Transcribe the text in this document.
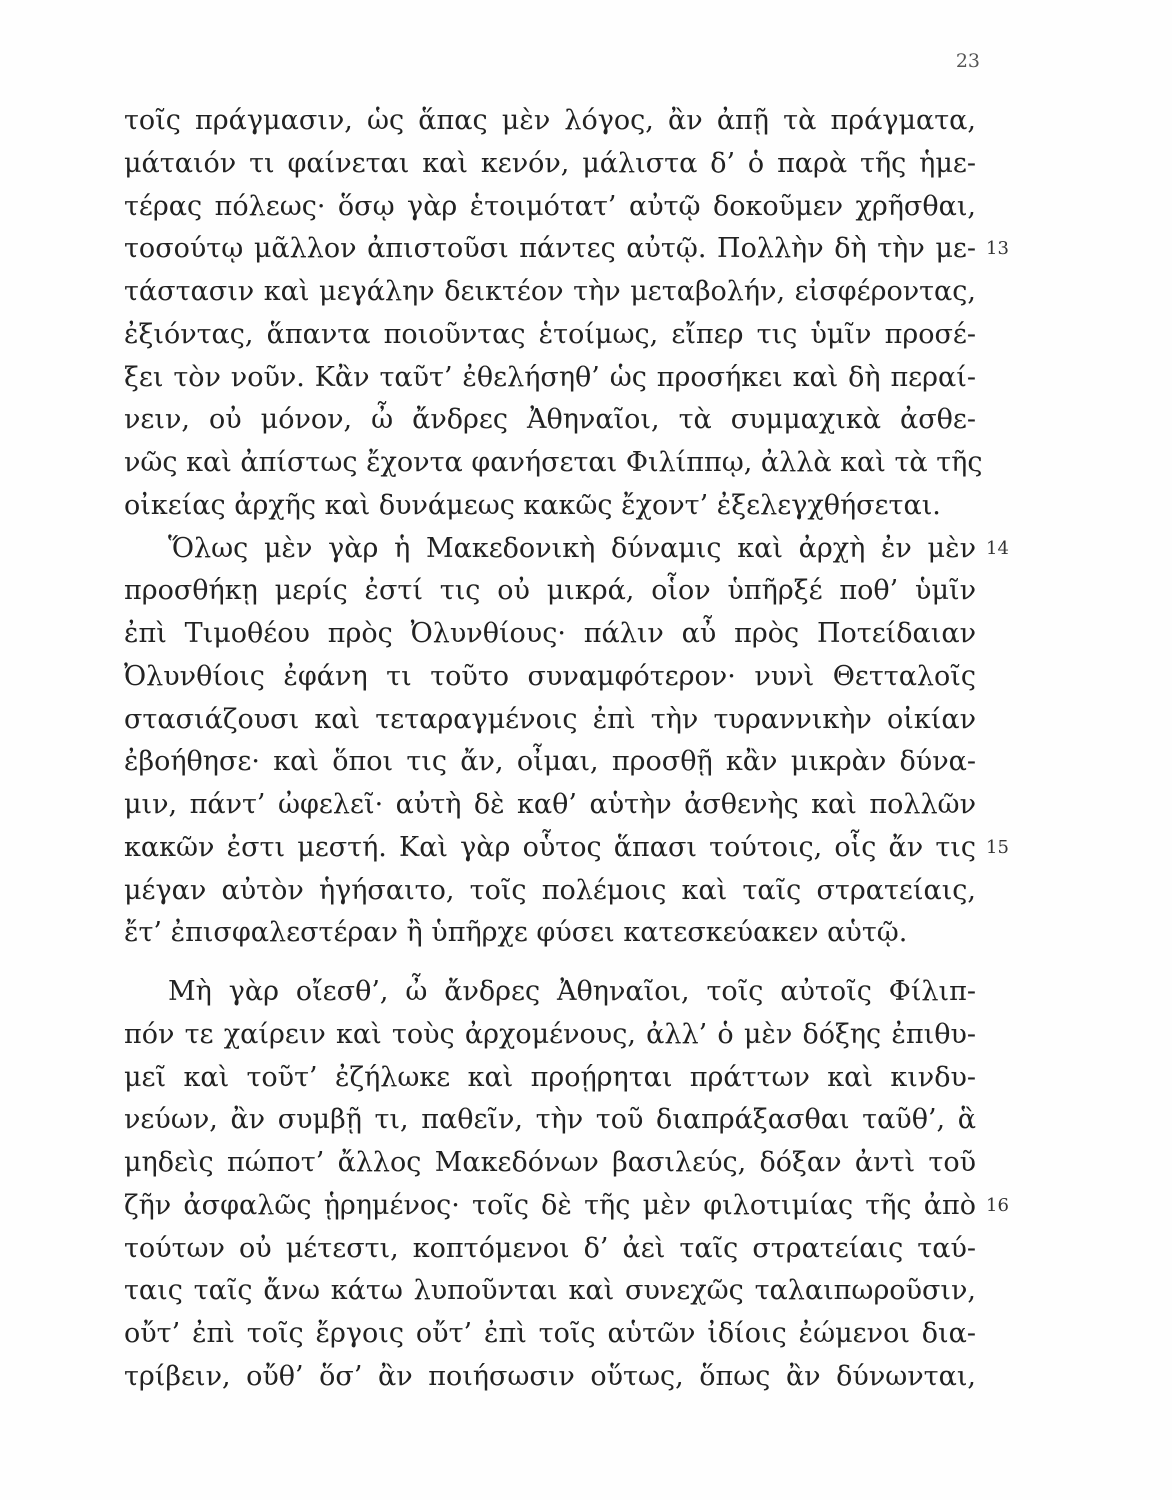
23
τοῖς πράγμασιν, ὡς ἅπας μὲν λόγος, ἂν ἀπῇ τὰ πράγματα,
μάταιόν τι φαίνεται καὶ κενόν, μάλιστα δ’ ὁ παρὰ τῆς ἡμε-
τέρας πόλεως· ὅσῳ γὰρ ἑτοιμότατ’ αὐτῷ δοκοῦμεν χρῆσθαι,
τοσούτῳ μᾶλλον ἀπιστοῦσι πάντες αὐτῷ. Πολλὴν δὴ τὴν με- 13
τάστασιν καὶ μεγάλην δεικτέον τὴν μεταβολήν, εἰσφέροντας,
ἐξιόντας, ἅπαντα ποιοῦντας ἑτοίμως, εἴπερ τις ὑμῖν προσέ-
ξει τὸν νοῦν. Κἂν ταῦτ’ ἐθελήσηθ’ ὡς προσήκει καὶ δὴ περαί-
νειν, οὐ μόνον, ὦ ἄνδρες Ἀθηναῖοι, τὰ συμμαχικὰ ἀσθε-
νῶς καὶ ἀπίστως ἔχοντα φανήσεται Φιλίππῳ, ἀλλὰ καὶ τὰ τῆς
οἰκείας ἀρχῆς καὶ δυνάμεως κακῶς ἔχοντ’ ἐξελεγχθήσεται.
Ὅλως μὲν γὰρ ἡ Μακεδονικὴ δύναμις καὶ ἀρχὴ ἐν μὲν 14
προσθήκῃ μερίς ἐστί τις οὐ μικρά, οἷον ὑπῆρξέ ποθ’ ὑμῖν
ἐπὶ Τιμοθέου πρὸς Ὀλυνθίους· πάλιν αὖ πρὸς Ποτείδαιαν
Ὀλυνθίοις ἐφάνη τι τοῦτο συναμφότερον· νυνὶ Θετταλοῖς
στασιάζουσι καὶ τεταραγμένοις ἐπὶ τὴν τυραννικὴν οἰκίαν
ἐβοήθησε· καὶ ὅποι τις ἄν, οἶμαι, προσθῇ κἂν μικρὰν δύνα-
μιν, πάντ’ ὠφελεῖ· αὐτὴ δὲ καθ’ αὑτὴν ἀσθενὴς καὶ πολλῶν
κακῶν ἐστι μεστή. Καὶ γὰρ οὗτος ἅπασι τούτοις, οἷς ἄν τις 15
μέγαν αὐτὸν ἡγήσαιτο, τοῖς πολέμοις καὶ ταῖς στρατείαις,
ἔτ’ ἐπισφαλεστέραν ἢ ὑπῆρχε φύσει κατεσκεύακεν αὑτῷ.
Μὴ γὰρ οἴεσθ’, ὦ ἄνδρες Ἀθηναῖοι, τοῖς αὐτοῖς Φίλιπ-
πόν τε χαίρειν καὶ τοὺς ἀρχομένους, ἀλλ’ ὁ μὲν δόξης ἐπιθυ-
μεῖ καὶ τοῦτ’ ἐζήλωκε καὶ προῄρηται πράττων καὶ κινδυ-
νεύων, ἂν συμβῇ τι, παθεῖν, τὴν τοῦ διαπράξασθαι ταῦθ’, ἃ
μηδεὶς πώποτ’ ἄλλος Μακεδόνων βασιλεύς, δόξαν ἀντὶ τοῦ
ζῆν ἀσφαλῶς ᾑρημένος· τοῖς δὲ τῆς μὲν φιλοτιμίας τῆς ἀπὸ 16
τούτων οὐ μέτεστι, κοπτόμενοι δ’ ἀεὶ ταῖς στρατείαις ταύ-
ταις ταῖς ἄνω κάτω λυποῦνται καὶ συνεχῶς ταλαιπωροῦσιν,
οὔτ’ ἐπὶ τοῖς ἔργοις οὔτ’ ἐπὶ τοῖς αὑτῶν ἰδίοις ἐώμενοι δια-
τρίβειν, οὔθ’ ὅσ’ ἂν ποιήσωσιν οὕτως, ὅπως ἂν δύνωνται,
